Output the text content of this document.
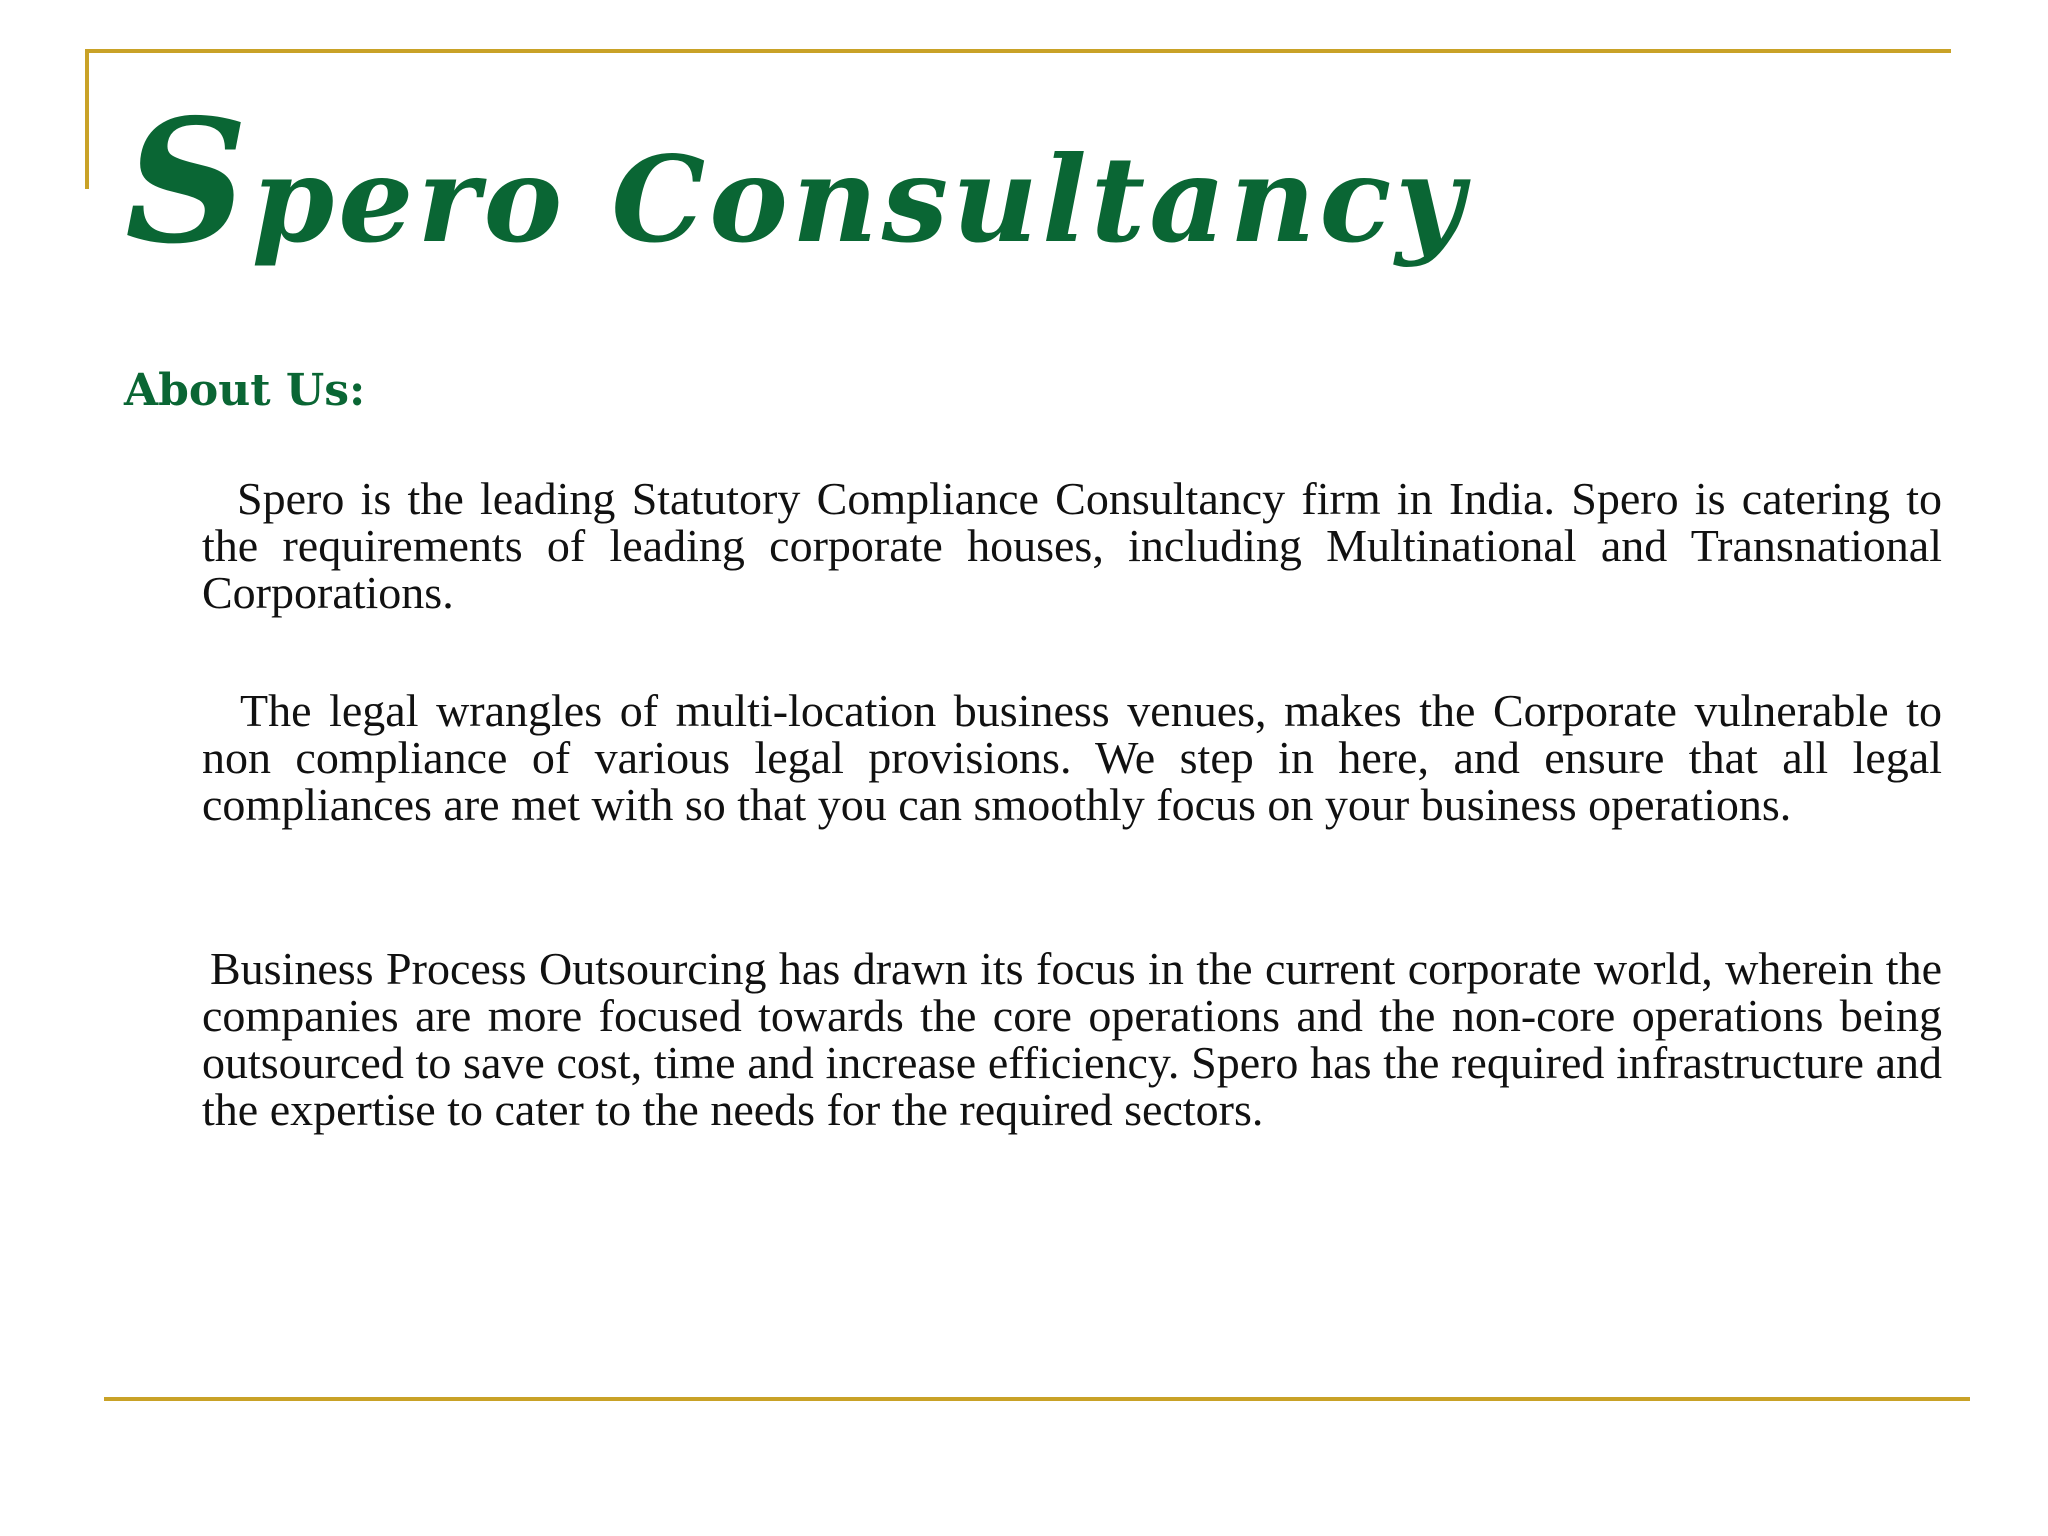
Spero Consultancy
About Us:

Spero is the leading Statutory Compliance Consultancy firm in India. Spero is catering to the requirements of leading corporate houses, including Multinational and Transnational Corporations.

The legal wrangles of multi-location business venues, makes the Corporate vulnerable to non compliance of various legal provisions. We step in here, and ensure that all legal compliances are met with so that you can smoothly focus on your business operations.

Business Process Outsourcing has drawn its focus in the current corporate world, wherein the companies are more focused towards the core operations and the non-core operations being outsourced to save cost, time and increase efficiency. Spero has the required infrastructure and the expertise to cater to the needs for the required sectors.
